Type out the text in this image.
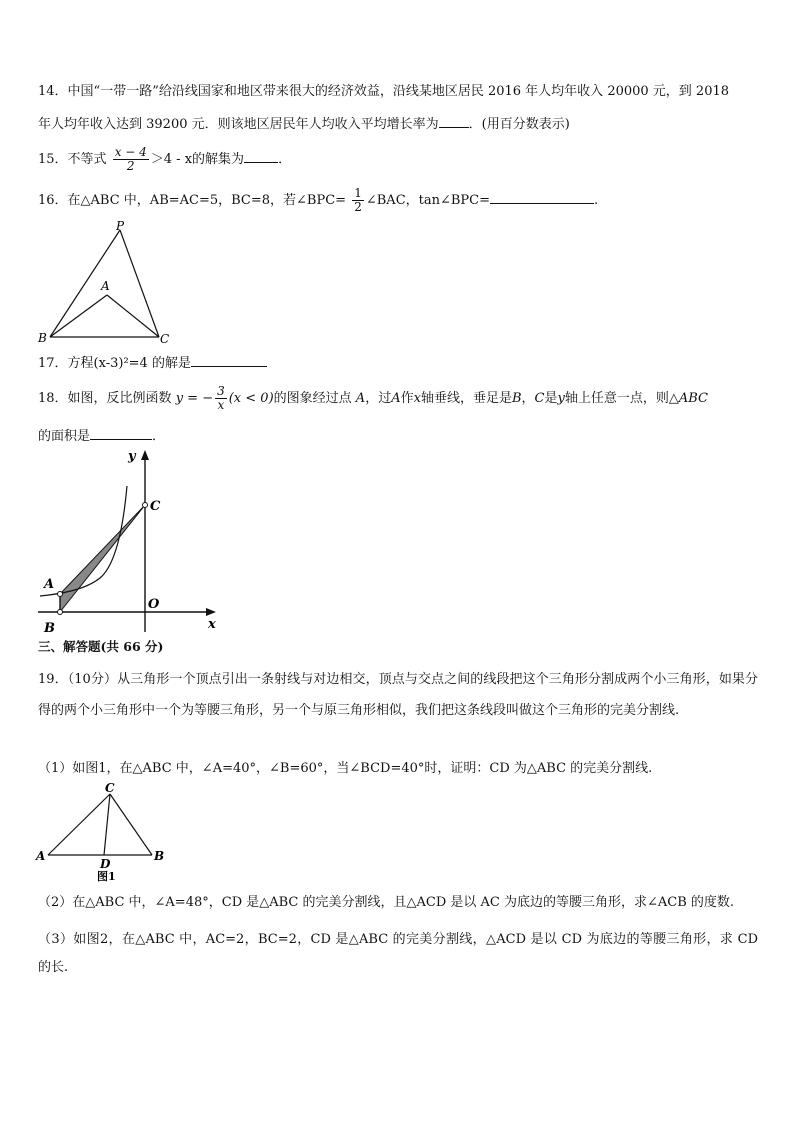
14．中国“一带一路”给沿线国家和地区带来很大的经济效益，沿线某地区居民 2016 年人均年收入 20000 元，到 2018
年人均年收入达到 39200 元．则该地区居民年人均收入平均增长率为 ．(用百分数表示)
15．不等式 $\frac{x - 4}{2} >4 - x$的解集为	．
16．在△ABC 中，AB=AC=5，BC=8，若∠BPC= $\frac{1}{2}$ ∠BAC，tan∠BPC=	.
P
A
B	C
17．方程(x-3)²=4 的解是
18．如图，反比例函数 y = − $\frac{3}{x} (x < 0)$的图象经过点 A，过A作x轴垂线，垂足是B，C是y轴上任意一点，则△ABC
的面积是	．
y
x
C
A
O
B
三、解答题(共 66 分)
19．（10分）从三角形一个顶点引出一条射线与对边相交，顶点与交点之间的线段把这个三角形分割成两个小三角形，如果分得的两个小三角形中一个为等腰三角形，另一个与原三角形相似，我们把这条线段叫做这个三角形的完美分割线.
（1）如图1，在△ABC 中，∠A=40°，∠B=60°，当∠BCD=40°时，证明：CD 为△ABC 的完美分割线.
C
A	B
D
图1
（2）在△ABC 中，∠A=48°，CD 是△ABC 的完美分割线，且△ACD 是以 AC 为底边的等腰三角形，求∠ACB 的度数.
（3）如图2，在△ABC 中，AC=2，BC=2，CD 是△ABC 的完美分割线，△ACD 是以 CD 为底边的等腰三角形，求 CD 的长.
